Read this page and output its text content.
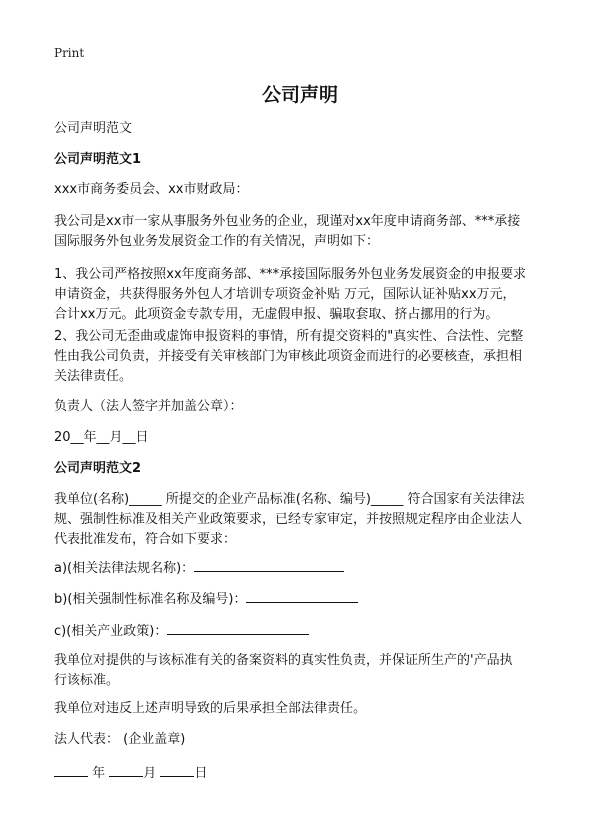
Print
公司声明

公司声明范文

公司声明范文1

xxx市商务委员会、xx市财政局：

我公司是xx市一家从事服务外包业务的企业，现谨对xx年度申请商务部、***承接
国际服务外包业务发展资金工作的有关情况，声明如下：

1、我公司严格按照xx年度商务部、***承接国际服务外包业务发展资金的申报要求
申请资金，共获得服务外包人才培训专项资金补贴 万元，国际认证补贴xx万元，
合计xx万元。此项资金专款专用，无虚假申报、骗取套取、挤占挪用的行为。

2、我公司无歪曲或虚饰申报资料的事情，所有提交资料的"真实性、合法性、完整
性由我公司负责，并接受有关审核部门为审核此项资金而进行的必要核查，承担相
关法律责任。

负责人（法人签字并加盖公章）：

20__年__月__日

公司声明范文2

我单位(名称)_____ 所提交的企业产品标准(名称、编号)_____ 符合国家有关法律法
规、强制性标准及相关产业政策要求，已经专家审定，并按照规定程序由企业法人
代表批准发布，符合如下要求：

a)(相关法律法规名称)：

b)(相关强制性标准名称及编号)：

c)(相关产业政策)：

我单位对提供的与该标准有关的备案资料的真实性负责，并保证所生产的'产品执
行该标准。

我单位对违反上述声明导致的后果承担全部法律责任。

法人代表： (企业盖章)

年	月	日
